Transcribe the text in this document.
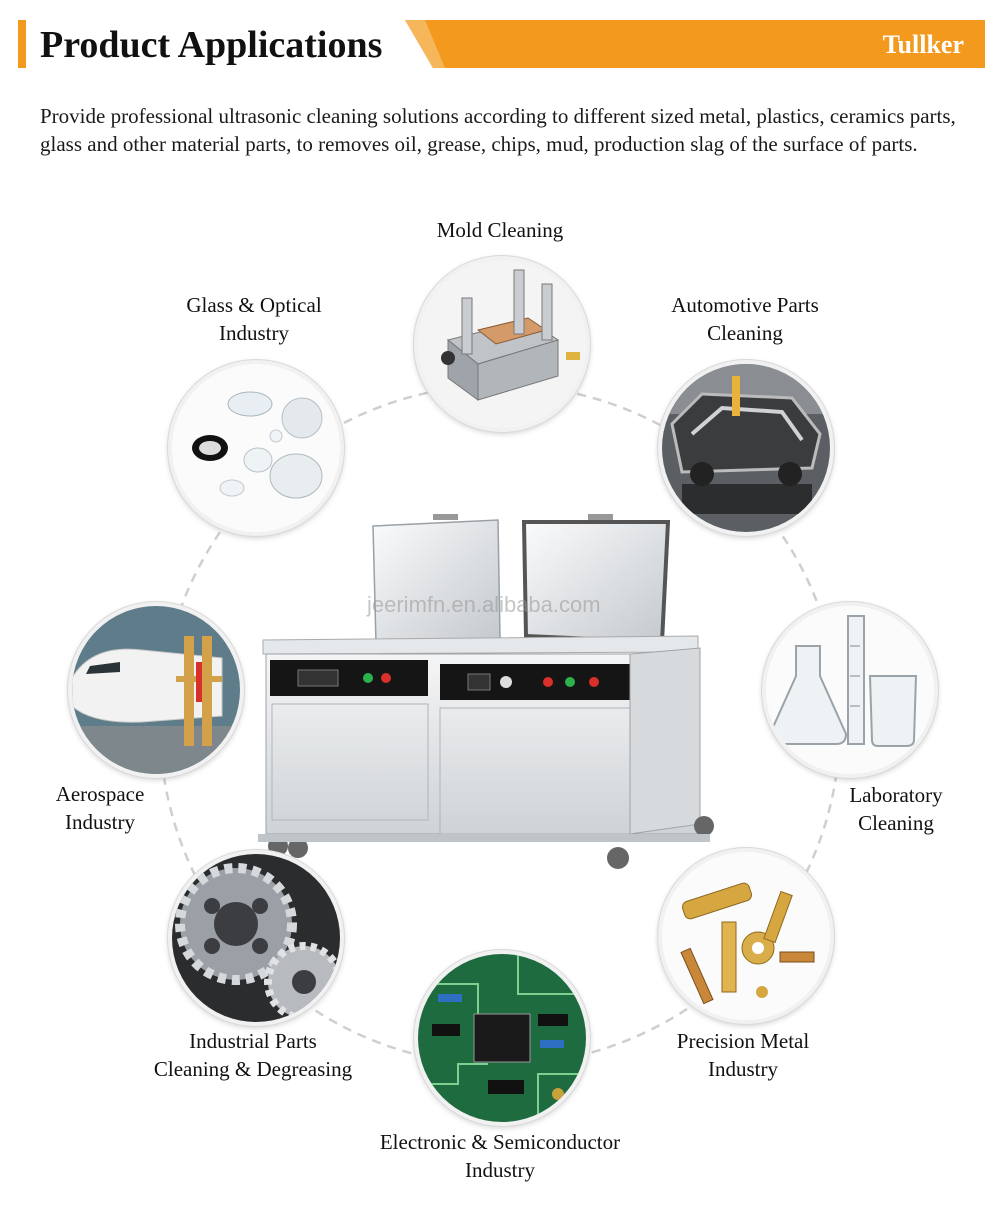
Product Applications	Tullker

Provide professional ultrasonic cleaning solutions according to different sized metal, plastics, ceramics parts, glass and other material parts, to removes oil, grease, chips, mud, production slag of the surface of parts.

jeerimfn.en.alibaba.com
Mold Cleaning
Glass & Optical
Industry
Automotive Parts
Cleaning
Aerospace
Industry
Laboratory
Cleaning
Industrial Parts
Cleaning & Degreasing
Precision Metal
Industry
Electronic & Semiconductor
Industry
